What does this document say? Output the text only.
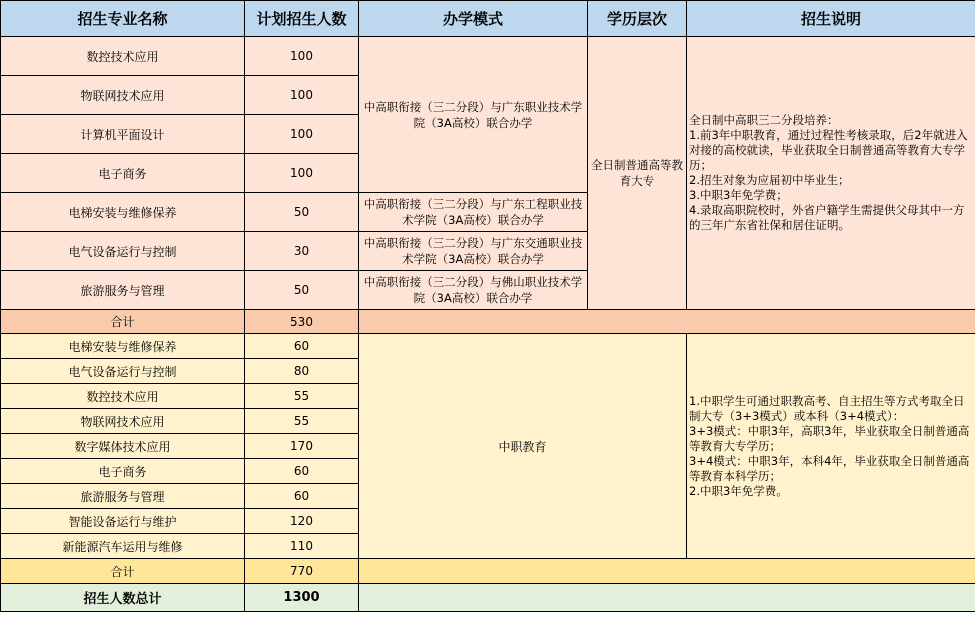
招生专业名称	计划招生人数	办学模式	学历层次	招生说明
数控技术应用	100	中高职衔接（三二分段）与广东职业技术学院（3A高校）联合办学	全日制普通高等教育大专	全日制中高职三二分段培养：
1.前3年中职教育，通过过程性考核录取，后2年就进入对接的高校就读，毕业获取全日制普通高等教育大专学历；
2.招生对象为应届初中毕业生；
3.中职3年免学费；
4.录取高职院校时，外省户籍学生需提供父母其中一方的三年广东省社保和居住证明。
物联网技术应用	100			
计算机平面设计	100			
电子商务	100			
电梯安装与维修保养	50	中高职衔接（三二分段）与广东工程职业技术学院（3A高校）联合办学		
电气设备运行与控制	30	中高职衔接（三二分段）与广东交通职业技术学院（3A高校）联合办学		
旅游服务与管理	50	中高职衔接（三二分段）与佛山职业技术学院（3A高校）联合办学		
合计	530			
电梯安装与维修保养	60	中职教育		1.中职学生可通过职教高考、自主招生等方式考取全日制大专（3+3模式）或本科（3+4模式）：
3+3模式：中职3年，高职3年，毕业获取全日制普通高等教育大专学历；
3+4模式：中职3年，本科4年，毕业获取全日制普通高等教育本科学历；
2.中职3年免学费。
电气设备运行与控制	80			
数控技术应用	55			
物联网技术应用	55			
数字媒体技术应用	170			
电子商务	60			
旅游服务与管理	60			
智能设备运行与维护	120			
新能源汽车运用与维修	110			
合计	770			
招生人数总计	1300			
